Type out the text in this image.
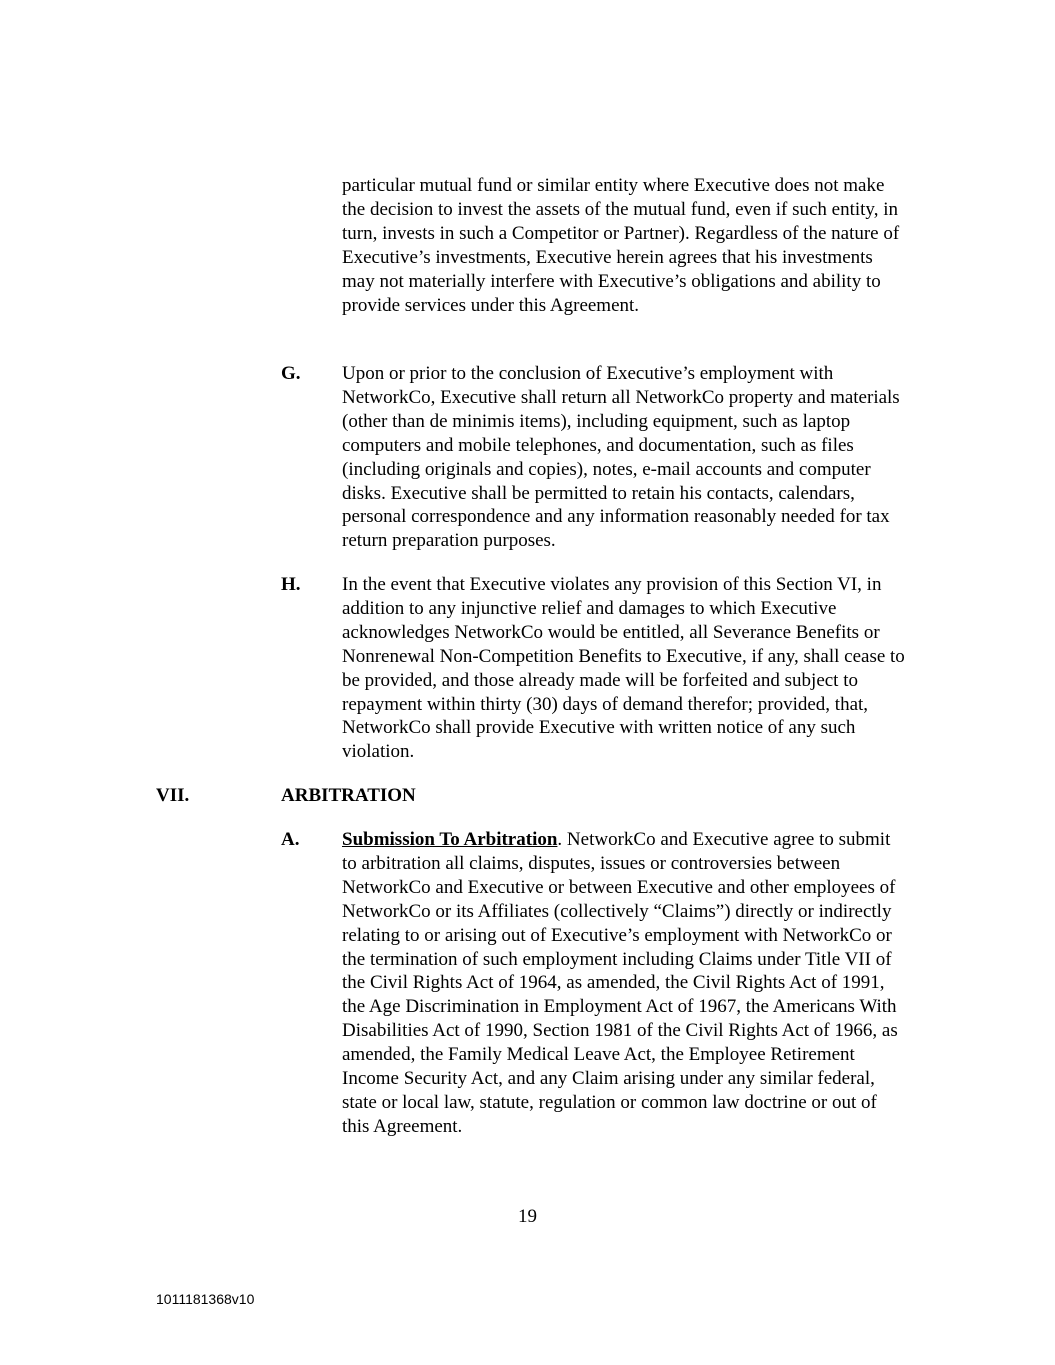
particular mutual fund or similar entity where Executive does not make the decision to invest the assets of the mutual fund, even if such entity, in turn, invests in such a Competitor or Partner). Regardless of the nature of Executive’s investments, Executive herein agrees that his investments may not materially interfere with Executive’s obligations and ability to provide services under this Agreement.

G. Upon or prior to the conclusion of Executive’s employment with NetworkCo, Executive shall return all NetworkCo property and materials (other than de minimis items), including equipment, such as laptop computers and mobile telephones, and documentation, such as files (including originals and copies), notes, e-mail accounts and computer disks. Executive shall be permitted to retain his contacts, calendars, personal correspondence and any information reasonably needed for tax return preparation purposes.

H. In the event that Executive violates any provision of this Section VI, in addition to any injunctive relief and damages to which Executive acknowledges NetworkCo would be entitled, all Severance Benefits or Nonrenewal Non-Competition Benefits to Executive, if any, shall cease to be provided, and those already made will be forfeited and subject to repayment within thirty (30) days of demand therefor; provided, that, NetworkCo shall provide Executive with written notice of any such violation.

VII.	ARBITRATION

A. Submission To Arbitration. NetworkCo and Executive agree to submit to arbitration all claims, disputes, issues or controversies between NetworkCo and Executive or between Executive and other employees of NetworkCo or its Affiliates (collectively “Claims”) directly or indirectly relating to or arising out of Executive’s employment with NetworkCo or the termination of such employment including Claims under Title VII of the Civil Rights Act of 1964, as amended, the Civil Rights Act of 1991, the Age Discrimination in Employment Act of 1967, the Americans With Disabilities Act of 1990, Section 1981 of the Civil Rights Act of 1966, as amended, the Family Medical Leave Act, the Employee Retirement Income Security Act, and any Claim arising under any similar federal, state or local law, statute, regulation or common law doctrine or out of this Agreement.

19

1011181368v10
